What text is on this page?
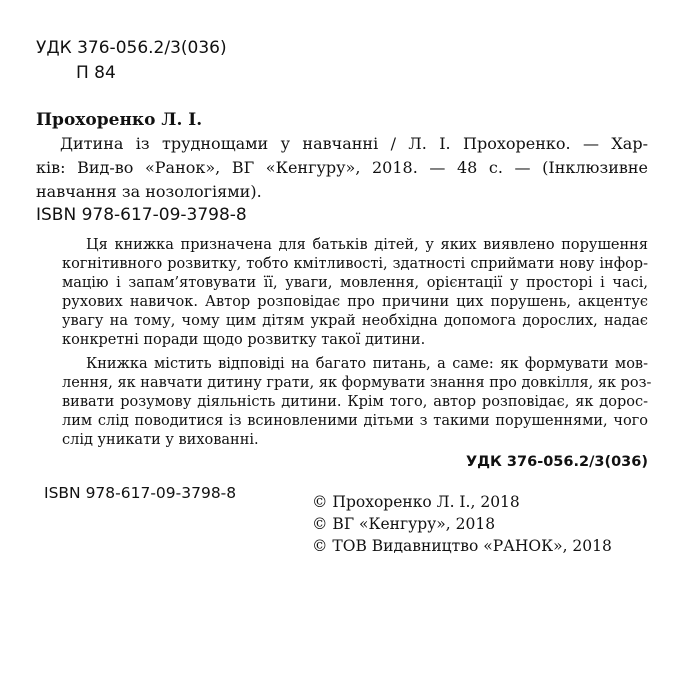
УДК 376-056.2/3(036)
П 84
Прохоренко Л. І.
Дитина із труднощами у навчанні / Л. І. Прохоренко. — Хар-
ків: Вид-во «Ранок», ВГ «Кенгуру», 2018. — 48 с. — (Інклюзивне
навчання за нозологіями).
ISBN 978-617-09-3798-8
Ця книжка призначена для батьків дітей, у яких виявлено порушення
когнітивного розвитку, тобто кмітливості, здатності сприймати нову інфор-
мацію і запам’ятовувати її, уваги, мовлення, орієнтації у просторі і часі,
рухових навичок. Автор розповідає про причини цих порушень, акцентує
увагу на тому, чому цим дітям украй необхідна допомога дорослих, надає
конкретні поради щодо розвитку такої дитини.
Книжка містить відповіді на багато питань, а саме: як формувати мов-
лення, як навчати дитину грати, як формувати знання про довкілля, як роз-
вивати розумову діяльність дитини. Крім того, автор розповідає, як дорос-
лим слід поводитися із всиновленими дітьми з такими порушеннями, чого
слід уникати у вихованні.
УДК 376-056.2/3(036)
ISBN 978-617-09-3798-8	© Прохоренко Л. І., 2018
© ВГ «Кенгуру», 2018
© ТОВ Видавництво «РАНОК», 2018
